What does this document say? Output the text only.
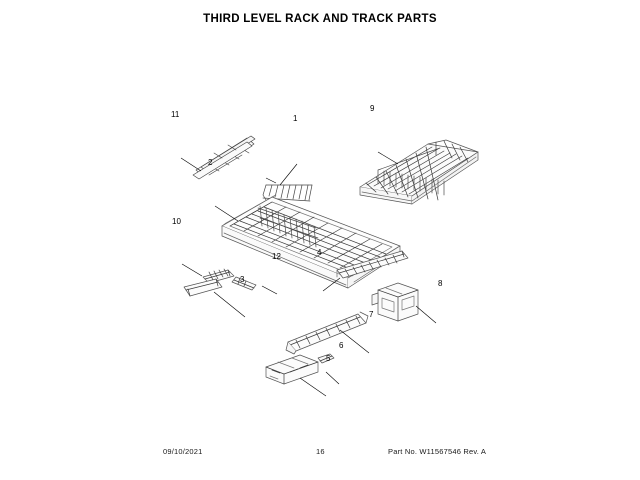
THIRD LEVEL RACK AND TRACK PARTS
1
2
3
4
5
6
7
8
9
10
11
12
09/10/2021	16	Part No. W11567546 Rev. A
